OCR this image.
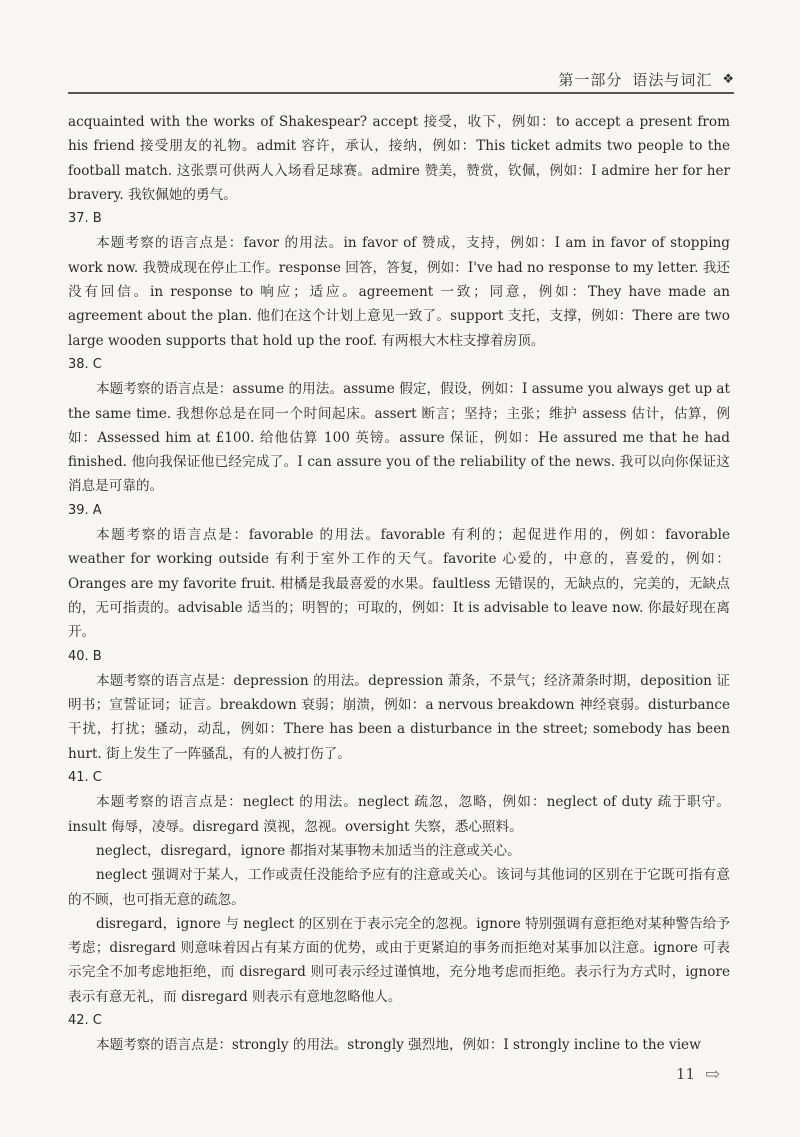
第一部分 语法与词汇 ❖

acquainted with the works of Shakespear? accept 接受，收下，例如：to accept a present from his friend 接受朋友的礼物。admit 容许，承认，接纳，例如：This ticket admits two people to the football match. 这张票可供两人入场看足球赛。admire 赞美，赞赏，钦佩，例如：I admire her for her bravery. 我钦佩她的勇气。

37. B

本题考察的语言点是：favor 的用法。in favor of 赞成，支持，例如：I am in favor of stopping work now. 我赞成现在停止工作。response 回答，答复，例如：I've had no response to my letter. 我还没有回信。in response to 响应；适应。agreement 一致；同意，例如：They have made an agreement about the plan. 他们在这个计划上意见一致了。support 支托，支撑，例如：There are two large wooden supports that hold up the roof. 有两根大木柱支撑着房顶。

38. C

本题考察的语言点是：assume 的用法。assume 假定，假设，例如：I assume you always get up at the same time. 我想你总是在同一个时间起床。assert 断言；坚持；主张；维护 assess 估计，估算，例如：Assessed him at £100. 给他估算 100 英镑。assure 保证，例如：He assured me that he had finished. 他向我保证他已经完成了。I can assure you of the reliability of the news. 我可以向你保证这消息是可靠的。

39. A

本题考察的语言点是：favorable 的用法。favorable 有利的；起促进作用的，例如：favorable weather for working outside 有利于室外工作的天气。favorite 心爱的，中意的，喜爱的，例如：Oranges are my favorite fruit. 柑橘是我最喜爱的水果。faultless 无错误的，无缺点的，完美的，无缺点的，无可指责的。advisable 适当的；明智的；可取的，例如：It is advisable to leave now. 你最好现在离开。

40. B

本题考察的语言点是：depression 的用法。depression 萧条，不景气；经济萧条时期，deposition 证明书；宣誓证词；证言。breakdown 衰弱；崩溃，例如：a nervous breakdown 神经衰弱。disturbance 干扰，打扰；骚动，动乱，例如：There has been a disturbance in the street; somebody has been hurt. 街上发生了一阵骚乱，有的人被打伤了。

41. C

本题考察的语言点是：neglect 的用法。neglect 疏忽，忽略，例如：neglect of duty 疏于职守。insult 侮辱，凌辱。disregard 漠视，忽视。oversight 失察，悉心照料。

neglect，disregard，ignore 都指对某事物未加适当的注意或关心。

neglect 强调对于某人，工作或责任没能给予应有的注意或关心。该词与其他词的区别在于它既可指有意的不顾，也可指无意的疏忽。

disregard，ignore 与 neglect 的区别在于表示完全的忽视。ignore 特别强调有意拒绝对某种警告给予考虑；disregard 则意味着因占有某方面的优势，或由于更紧迫的事务而拒绝对某事加以注意。ignore 可表示完全不加考虑地拒绝，而 disregard 则可表示经过谨慎地，充分地考虑而拒绝。表示行为方式时，ignore 表示有意无礼，而 disregard 则表示有意地忽略他人。

42. C

本题考察的语言点是：strongly 的用法。strongly 强烈地，例如：I strongly incline to the view

11 ⇨
